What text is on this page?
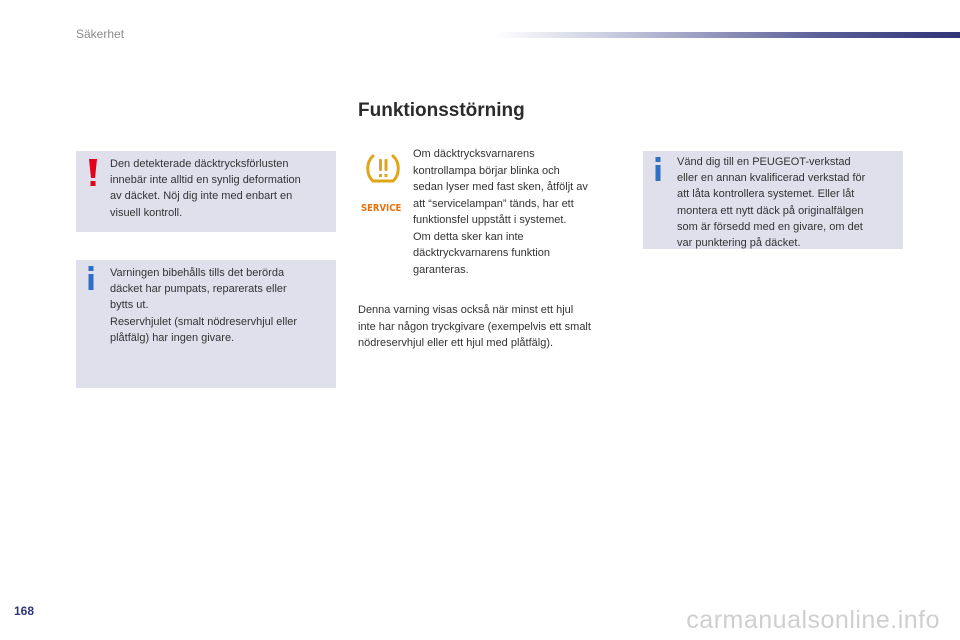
Säkerhet
Funktionsstörning

Den detekterade däcktrycksförlusten

innebär inte alltid en synlig deformation

av däcket. Nöj dig inte med enbart en

visuell kontroll.

Varningen bibehålls tills det berörda

däcket har pumpats, reparerats eller

bytts ut.

Reservhjulet (smalt nödreservhjul eller

plåtfälg) har ingen givare.

SERVICE

Om däcktrycksvarnarens

kontrollampa börjar blinka och

sedan lyser med fast sken, åtföljt av

att “servicelampan” tänds, har ett

funktionsfel uppstått i systemet.

Om detta sker kan inte

däcktryckvarnarens funktion

garanteras.

Denna varning visas också när minst ett hjul

inte har någon tryckgivare (exempelvis ett smalt

nödreservhjul eller ett hjul med plåtfälg).

Vänd dig till en PEUGEOT-verkstad

eller en annan kvalificerad verkstad för

att låta kontrollera systemet. Eller låt

montera ett nytt däck på originalfälgen

som är försedd med en givare, om det

var punktering på däcket.

168	carmanualsonline.info
